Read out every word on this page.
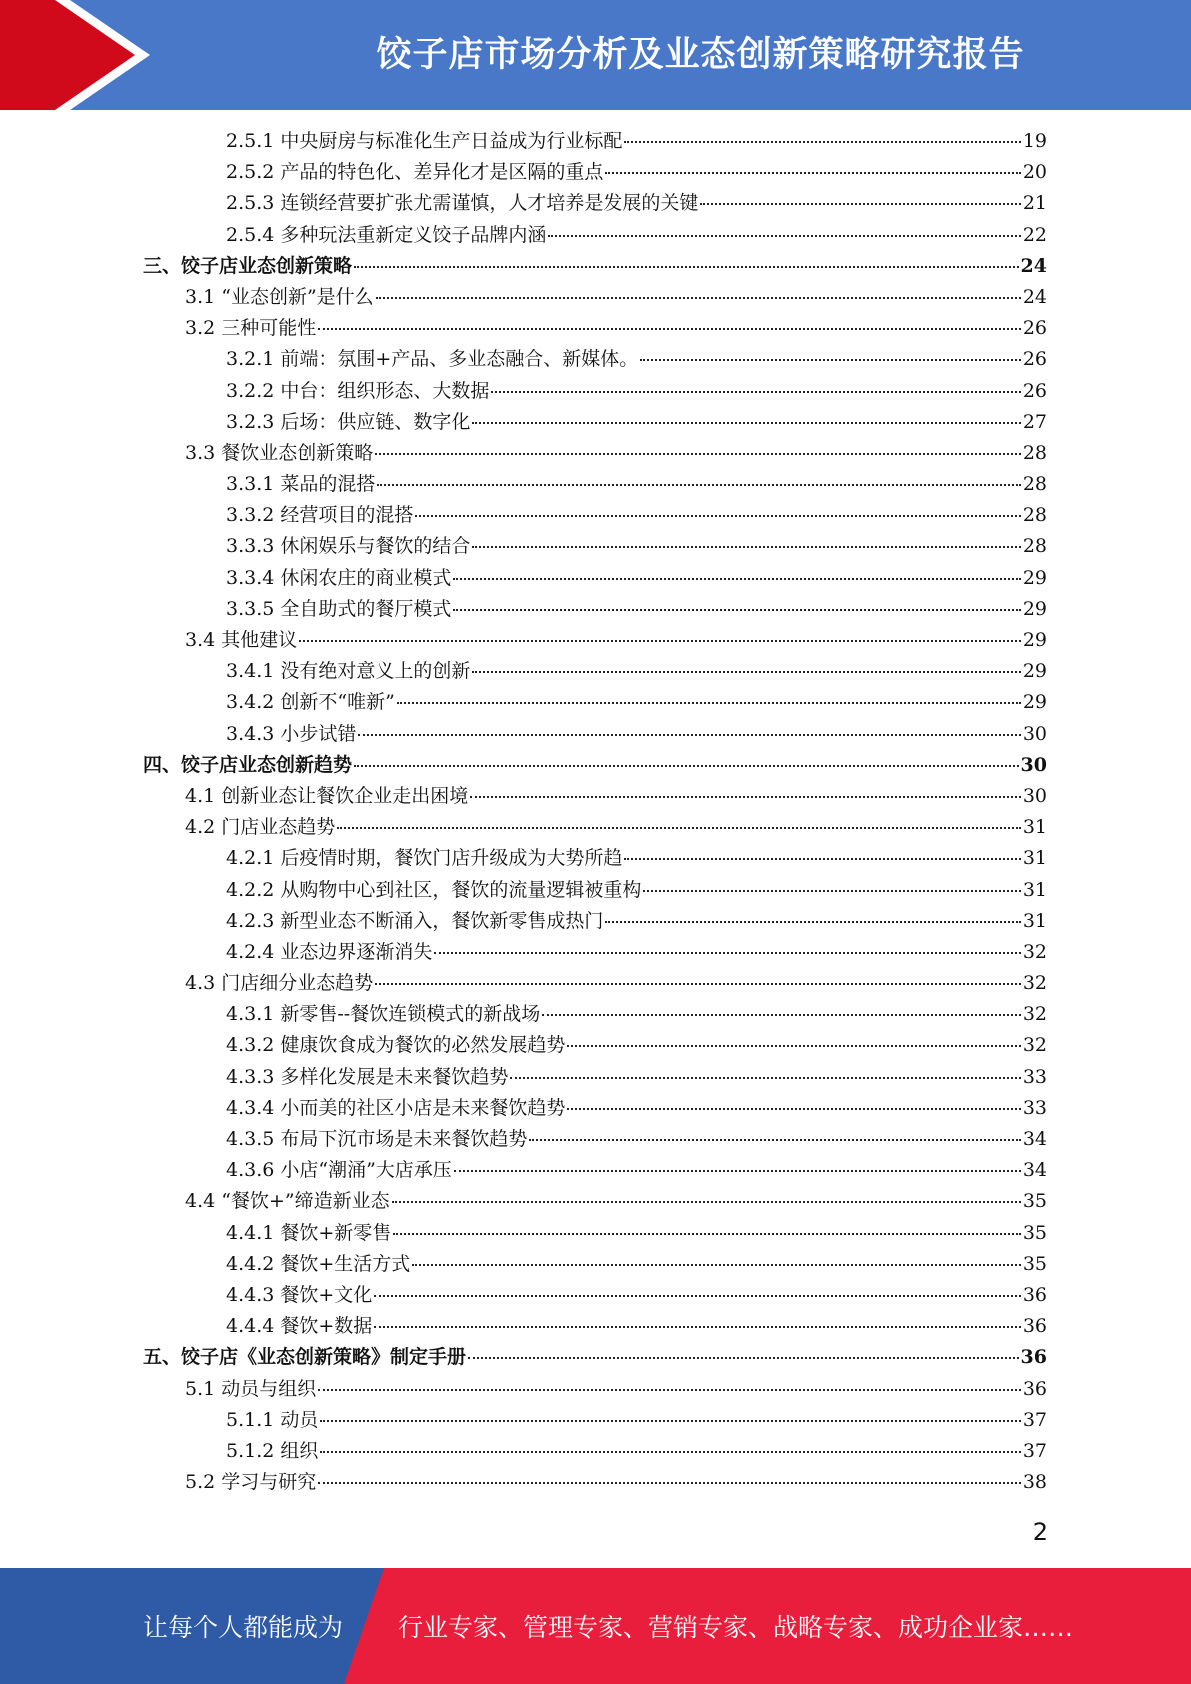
饺子店市场分析及业态创新策略研究报告
2.5.1 中央厨房与标准化生产日益成为行业标配	19
2.5.2 产品的特色化、差异化才是区隔的重点	20
2.5.3 连锁经营要扩张尤需谨慎，人才培养是发展的关键	21
2.5.4 多种玩法重新定义饺子品牌内涵	22
三、饺子店业态创新策略	24
3.1 “业态创新”是什么	24
3.2 三种可能性	26
3.2.1 前端：氛围+产品、多业态融合、新媒体。	26
3.2.2 中台：组织形态、大数据	26
3.2.3 后场：供应链、数字化	27
3.3 餐饮业态创新策略	28
3.3.1 菜品的混搭	28
3.3.2 经营项目的混搭	28
3.3.3 休闲娱乐与餐饮的结合	28
3.3.4 休闲农庄的商业模式	29
3.3.5 全自助式的餐厅模式	29
3.4 其他建议	29
3.4.1 没有绝对意义上的创新	29
3.4.2 创新不“唯新”	29
3.4.3 小步试错	30
四、饺子店业态创新趋势	30
4.1 创新业态让餐饮企业走出困境	30
4.2 门店业态趋势	31
4.2.1 后疫情时期，餐饮门店升级成为大势所趋	31
4.2.2 从购物中心到社区，餐饮的流量逻辑被重构	31
4.2.3 新型业态不断涌入，餐饮新零售成热门	31
4.2.4 业态边界逐渐消失	32
4.3 门店细分业态趋势	32
4.3.1 新零售--餐饮连锁模式的新战场	32
4.3.2 健康饮食成为餐饮的必然发展趋势	32
4.3.3 多样化发展是未来餐饮趋势	33
4.3.4 小而美的社区小店是未来餐饮趋势	33
4.3.5 布局下沉市场是未来餐饮趋势	34
4.3.6 小店“潮涌”大店承压	34
4.4 “餐饮+”缔造新业态	35
4.4.1 餐饮+新零售	35
4.4.2 餐饮+生活方式	35
4.4.3 餐饮+文化	36
4.4.4 餐饮+数据	36
五、饺子店《业态创新策略》制定手册	36
5.1 动员与组织	36
5.1.1 动员	37
5.1.2 组织	37
5.2 学习与研究	38
2
让每个人都能成为 行业专家、管理专家、营销专家、战略专家、成功企业家……
